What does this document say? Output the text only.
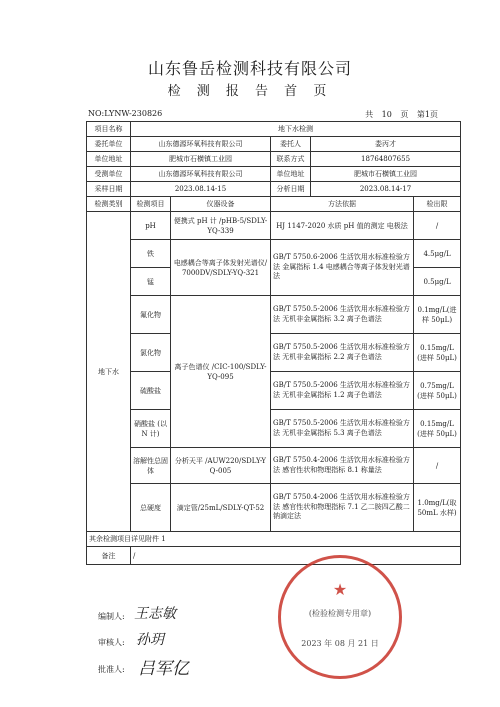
山东鲁岳检测科技有限公司
检 测 报 告 首 页
NO:LYNW-230826	共 10 页 第1页
项目名称	地下水检测				
委托单位	山东德源环氧科技有限公司		委托人	娄丙才	
单位地址	肥城市石横镇工业园		联系方式	18764807655	
受测单位	山东德源环氧科技有限公司		单位地址	肥城市石横镇工业园	
采样日期	2023.08.14-15		分析日期	2023.08.14-17	
检测类别	检测项目	仪器设备	方法依据		检出限
地下水	pH	便携式 pH 计 /pHB-5/SDLY-YQ-339	HJ 1147-2020 水质 pH 值的测定 电极法		/
	铁	电感耦合等离子体发射光谱仪/7000DV/SDLY-YQ-321	GB/T 5750.6-2006 生活饮用水标准检验方法 金属指标 1.4 电感耦合等离子体发射光谱法		4.5μg/L
	锰				0.5μg/L
	氟化物	离子色谱仪 /CIC-100/SDLY-YQ-095	GB/T 5750.5-2006 生活饮用水标准检验方法 无机非金属指标 3.2 离子色谱法		0.1mg/L(进样 50μL)
	氯化物		GB/T 5750.5-2006 生活饮用水标准检验方法 无机非金属指标 2.2 离子色谱法		0.15mg/L(进样 50μL)
	硫酸盐		GB/T 5750.5-2006 生活饮用水标准检验方法 无机非金属指标 1.2 离子色谱法		0.75mg/L(进样 50μL)
	硝酸盐 (以 N 计)		GB/T 5750.5-2006 生活饮用水标准检验方法 无机非金属指标 5.3 离子色谱法		0.15mg/L(进样 50μL)
	溶解性总固体	分析天平 /AUW220/SDLY-YQ-005	GB/T 5750.4-2006 生活饮用水标准检验方法 感官性状和物理指标 8.1 称量法		/
	总硬度	滴定管/25mL/SDLY-QT-52	GB/T 5750.4-2006 生活饮用水标准检验方法 感官性状和物理指标 7.1 乙二胺四乙酸二钠滴定法		1.0mg/L(取 50mL 水样)
其余检测项目详见附件 1					
备注	/				
编制人: 王志敏
审核人: 孙玥
批准人: 吕军亿
★
(检验检测专用章)
2023 年 08 月 21 日
